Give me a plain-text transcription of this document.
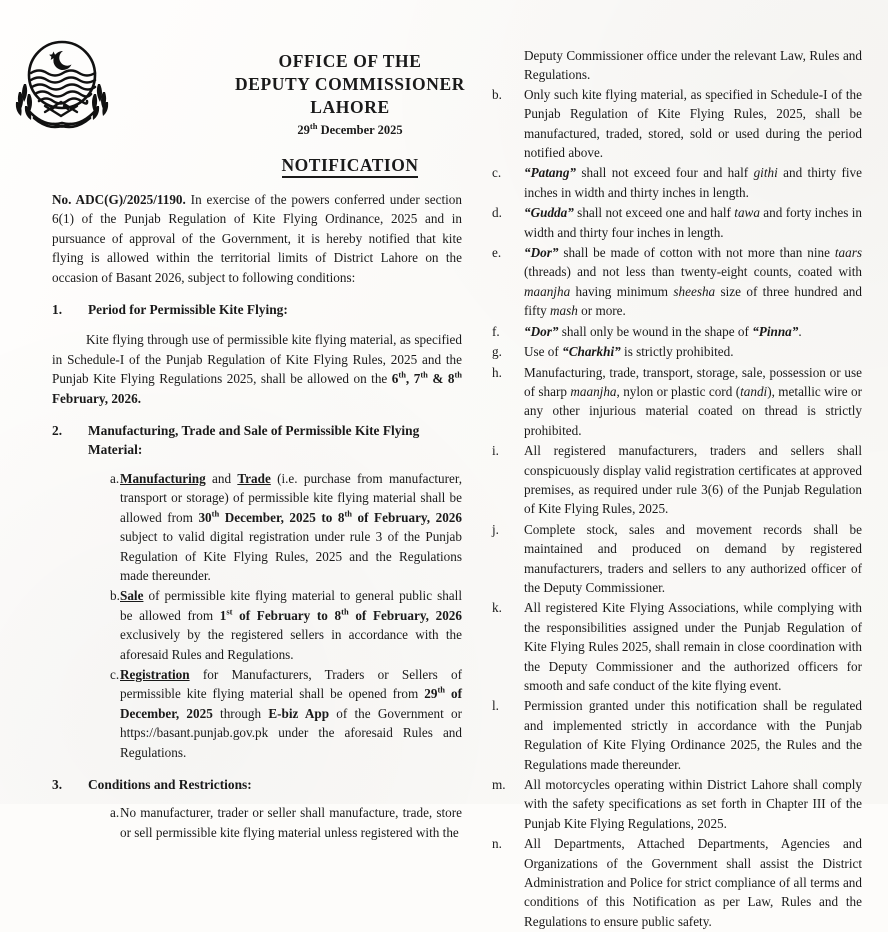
OFFICE OF THE
DEPUTY COMMISSIONER
LAHORE
29th December 2025
NOTIFICATION

No. ADC(G)/2025/1190. In exercise of the powers conferred under section 6(1) of the Punjab Regulation of Kite Flying Ordinance, 2025 and in pursuance of approval of the Government, it is hereby notified that kite flying is allowed within the territorial limits of District Lahore on the occasion of Basant 2026, subject to following conditions:

1. Period for Permissible Kite Flying:

Kite flying through use of permissible kite flying material, as specified in Schedule-I of the Punjab Regulation of Kite Flying Rules, 2025 and the Punjab Kite Flying Regulations 2025, shall be allowed on the 6th, 7th & 8th February, 2026.

2. Manufacturing, Trade and Sale of Permissible Kite Flying Material:
a. Manufacturing and Trade (i.e. purchase from manufacturer, transport or storage) of permissible kite flying material shall be allowed from 30th December, 2025 to 8th of February, 2026 subject to valid digital registration under rule 3 of the Punjab Regulation of Kite Flying Rules, 2025 and the Regulations made thereunder.
b. Sale of permissible kite flying material to general public shall be allowed from 1st of February to 8th of February, 2026 exclusively by the registered sellers in accordance with the aforesaid Rules and Regulations.
c. Registration for Manufacturers, Traders or Sellers of permissible kite flying material shall be opened from 29th of December, 2025 through E-biz App of the Government or https://basant.punjab.gov.pk under the aforesaid Rules and Regulations.
3. Conditions and Restrictions:
a. No manufacturer, trader or seller shall manufacture, trade, store or sell permissible kite flying material unless registered with the
Deputy Commissioner office under the relevant Law, Rules and Regulations.
b. Only such kite flying material, as specified in Schedule-I of the Punjab Regulation of Kite Flying Rules, 2025, shall be manufactured, traded, stored, sold or used during the period notified above.
c. “Patang” shall not exceed four and half githi and thirty five inches in width and thirty inches in length.
d. “Gudda” shall not exceed one and half tawa and forty inches in width and thirty four inches in length.
e. “Dor” shall be made of cotton with not more than nine taars (threads) and not less than twenty-eight counts, coated with maanjha having minimum sheesha size of three hundred and fifty mash or more.
f. “Dor” shall only be wound in the shape of “Pinna”.
g. Use of “Charkhi” is strictly prohibited.
h. Manufacturing, trade, transport, storage, sale, possession or use of sharp maanjha, nylon or plastic cord (tandi), metallic wire or any other injurious material coated on thread is strictly prohibited.
i. All registered manufacturers, traders and sellers shall conspicuously display valid registration certificates at approved premises, as required under rule 3(6) of the Punjab Regulation of Kite Flying Rules, 2025.
j. Complete stock, sales and movement records shall be maintained and produced on demand by registered manufacturers, traders and sellers to any authorized officer of the Deputy Commissioner.
k. All registered Kite Flying Associations, while complying with the responsibilities assigned under the Punjab Regulation of Kite Flying Rules 2025, shall remain in close coordination with the Deputy Commissioner and the authorized officers for smooth and safe conduct of the kite flying event.
l. Permission granted under this notification shall be regulated and implemented strictly in accordance with the Punjab Regulation of Kite Flying Ordinance 2025, the Rules and the Regulations made thereunder.
m. All motorcycles operating within District Lahore shall comply with the safety specifications as set forth in Chapter III of the Punjab Kite Flying Regulations, 2025.
n. All Departments, Attached Departments, Agencies and Organizations of the Government shall assist the District Administration and Police for strict compliance of all terms and conditions of this Notification as per Law, Rules and the Regulations to ensure public safety.
